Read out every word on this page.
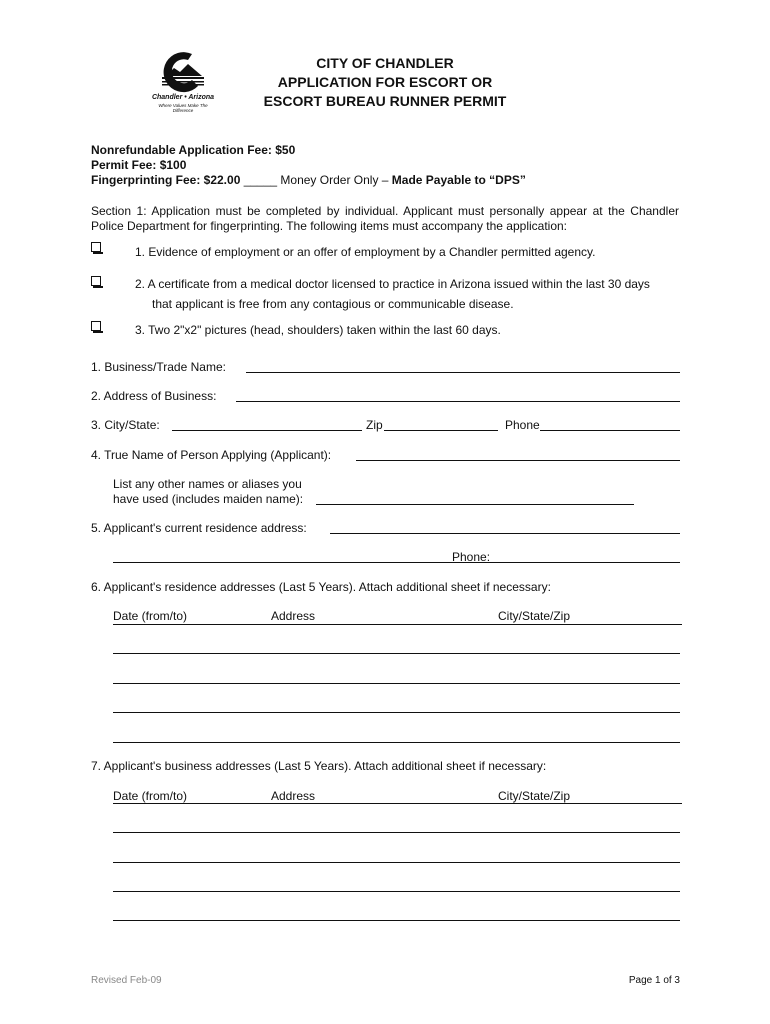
Chandler • Arizona
Where Values Make The Difference
CITY OF CHANDLER
APPLICATION FOR ESCORT OR
ESCORT BUREAU RUNNER PERMIT
Nonrefundable Application Fee: $50
Permit Fee: $100
Fingerprinting Fee: $22.00 _____ Money Order Only – Made Payable to “DPS”
Section 1: Application must be completed by individual. Applicant must personally appear at the Chandler Police Department for fingerprinting. The following items must accompany the application:
1. Evidence of employment or an offer of employment by a Chandler permitted agency.
2. A certificate from a medical doctor licensed to practice in Arizona issued within the last 30 days
that applicant is free from any contagious or communicable disease.
3. Two 2"x2" pictures (head, shoulders) taken within the last 60 days.
1. Business/Trade Name:
2. Address of Business:
3. City/State:	Zip	Phone
4. True Name of Person Applying (Applicant):
List any other names or aliases you
have used (includes maiden name):
5. Applicant's current residence address:
Phone:
6. Applicant's residence addresses (Last 5 Years). Attach additional sheet if necessary:
Date (from/to)	Address	City/State/Zip
7. Applicant's business addresses (Last 5 Years). Attach additional sheet if necessary:
Date (from/to)	Address	City/State/Zip
Revised Feb-09	Page 1 of 3
